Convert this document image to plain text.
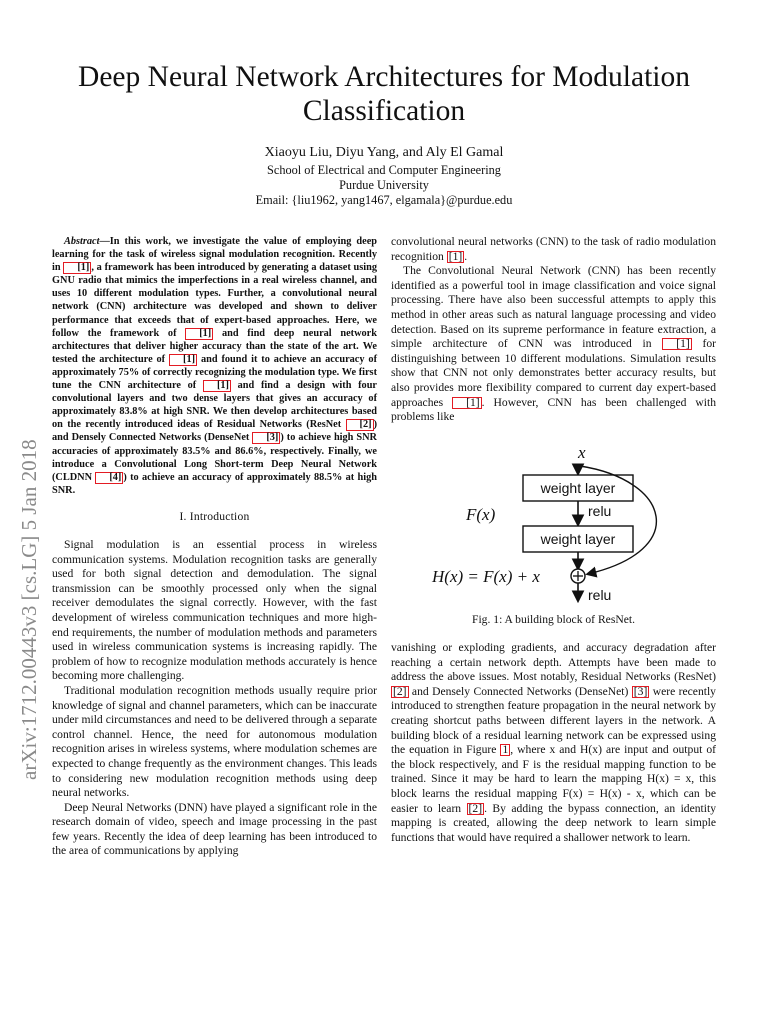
arXiv:1712.00443v3 [cs.LG] 5 Jan 2018
Deep Neural Network Architectures for Modulation Classification
Xiaoyu Liu, Diyu Yang, and Aly El Gamal
School of Electrical and Computer Engineering
Purdue University
Email: {liu1962, yang1467, elgamala}@purdue.edu

Abstract—In this work, we investigate the value of employing deep learning for the task of wireless signal modulation recognition. Recently in [1] , a framework has been introduced by generating a dataset using GNU radio that mimics the imperfections in a real wireless channel, and uses 10 different modulation types. Further, a convolutional neural network (CNN) architecture was developed and shown to deliver performance that exceeds that of expert-based approaches. Here, we follow the framework of [1] and find deep neural network architectures that deliver higher accuracy than the state of the art. We tested the architecture of [1] and found it to achieve an accuracy of approximately 75% of correctly recognizing the modulation type. We first tune the CNN architecture of [1] and find a design with four convolutional layers and two dense layers that gives an accuracy of approximately 83.8% at high SNR. We then develop architectures based on the recently introduced ideas of Residual Networks (ResNet [2] ) and Densely Connected Networks (DenseNet [3] ) to achieve high SNR accuracies of approximately 83.5% and 86.6%, respectively. Finally, we introduce a Convolutional Long Short-term Deep Neural Network (CLDNN [4] ) to achieve an accuracy of approximately 88.5% at high SNR.

I. Introduction

Signal modulation is an essential process in wireless communication systems. Modulation recognition tasks are generally used for both signal detection and demodulation. The signal transmission can be smoothly processed only when the signal receiver demodulates the signal correctly. However, with the fast development of wireless communication techniques and more high-end requirements, the number of modulation methods and parameters used in wireless communication systems is increasing rapidly. The problem of how to recognize modulation methods accurately is hence becoming more challenging.

Traditional modulation recognition methods usually require prior knowledge of signal and channel parameters, which can be inaccurate under mild circumstances and need to be delivered through a separate control channel. Hence, the need for autonomous modulation recognition arises in wireless systems, where modulation schemes are expected to change frequently as the environment changes. This leads to considering new modulation recognition methods using deep neural networks.

Deep Neural Networks (DNN) have played a significant role in the research domain of video, speech and image processing in the past few years. Recently the idea of deep learning has been introduced to the area of communications by applying

convolutional neural networks (CNN) to the task of radio modulation recognition [1] .

The Convolutional Neural Network (CNN) has been recently identified as a powerful tool in image classification and voice signal processing. There have also been successful attempts to apply this method in other areas such as natural language processing and video detection. Based on its supreme performance in feature extraction, a simple architecture of CNN was introduced in [1] for distinguishing between 10 different modulations. Simulation results show that CNN not only demonstrates better accuracy results, but also provides more flexibility compared to current day expert-based approaches [1] . However, CNN has been challenged with problems like

x
weight layer
relu
F(x)
weight layer
H(x) = F(x) + x
relu
Fig. 1: A building block of ResNet.

vanishing or exploding gradients, and accuracy degradation after reaching a certain network depth. Attempts have been made to address the above issues. Most notably, Residual Networks (ResNet) [2] and Densely Connected Networks (DenseNet) [3] were recently introduced to strengthen feature propagation in the neural network by creating shortcut paths between different layers in the network. A building block of a residual learning network can be expressed using the equation in Figure 1 , where x and H(x) are input and output of the block respectively, and F is the residual mapping function to be trained. Since it may be hard to learn the mapping H(x) = x, this block learns the residual mapping F(x) = H(x) - x, which can be easier to learn [2] . By adding the bypass connection, an identity mapping is created, allowing the deep network to learn simple functions that would have required a shallower network to learn.
